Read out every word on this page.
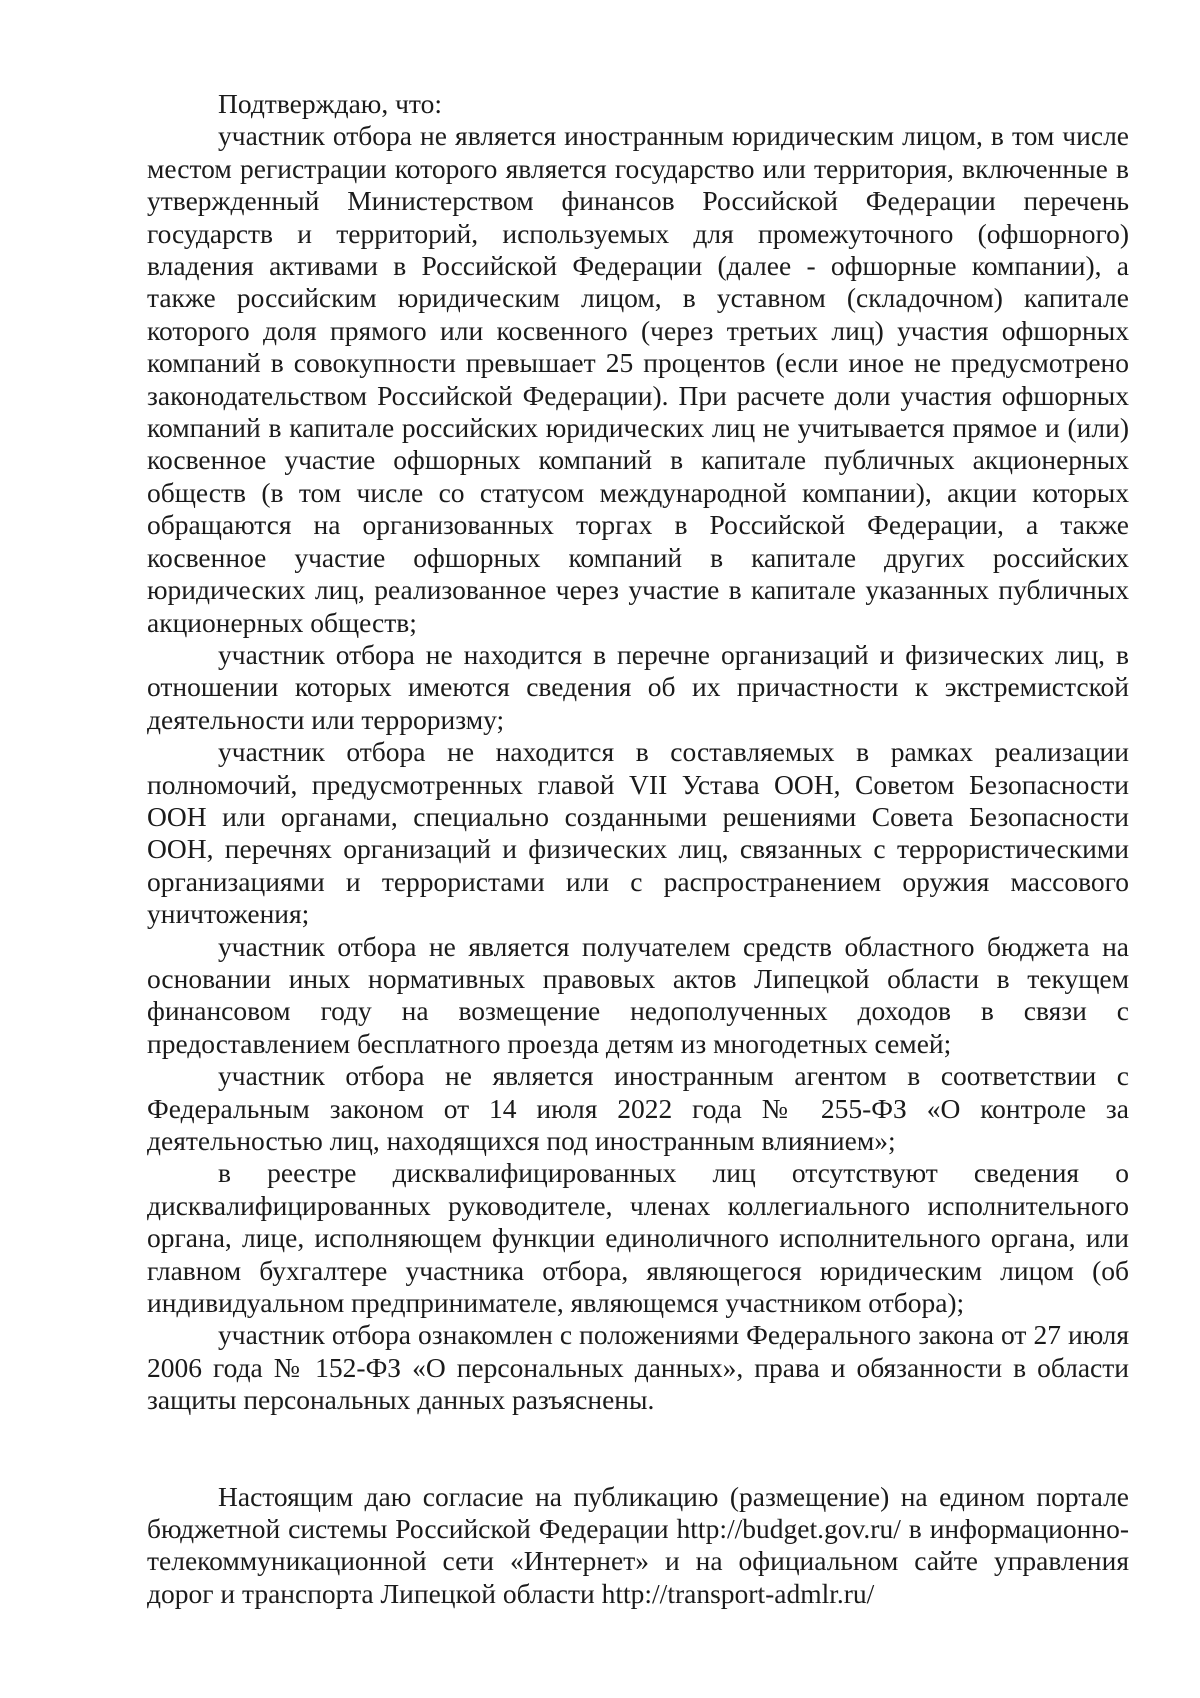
Подтверждаю, что:

участник отбора не является иностранным юридическим лицом, в том числе местом регистрации которого является государство или территория, включенные в утвержденный Министерством финансов Российской Федерации перечень государств и территорий, используемых для промежуточного (офшорного) владения активами в Российской Федерации (далее - офшорные компании), а также российским юридическим лицом, в уставном (складочном) капитале которого доля прямого или косвенного (через третьих лиц) участия офшорных компаний в совокупности превышает 25 процентов (если иное не предусмотрено законодательством Российской Федерации). При расчете доли участия офшорных компаний в капитале российских юридических лиц не учитывается прямое и (или) косвенное участие офшорных компаний в капитале публичных акционерных обществ (в том числе со статусом международной компании), акции которых обращаются на организованных торгах в Российской Федерации, а также косвенное участие офшорных компаний в капитале других российских юридических лиц, реализованное через участие в капитале указанных публичных акционерных обществ;

участник отбора не находится в перечне организаций и физических лиц, в отношении которых имеются сведения об их причастности к экстремистской деятельности или терроризму;

участник отбора не находится в составляемых в рамках реализации полномочий, предусмотренных главой VII Устава ООН, Советом Безопасности ООН или органами, специально созданными решениями Совета Безопасности ООН, перечнях организаций и физических лиц, связанных с террористическими организациями и террористами или с распространением оружия массового уничтожения;

участник отбора не является получателем средств областного бюджета на основании иных нормативных правовых актов Липецкой области в текущем финансовом году на возмещение недополученных доходов в связи с предоставлением бесплатного проезда детям из многодетных семей;

участник отбора не является иностранным агентом в соответствии с Федеральным законом от 14 июля 2022 года № 255-ФЗ «О контроле за деятельностью лиц, находящихся под иностранным влиянием»;

в реестре дисквалифицированных лиц отсутствуют сведения о дисквалифицированных руководителе, членах коллегиального исполнительного органа, лице, исполняющем функции единоличного исполнительного органа, или главном бухгалтере участника отбора, являющегося юридическим лицом (об индивидуальном предпринимателе, являющемся участником отбора);

участник отбора ознакомлен с положениями Федерального закона от 27 июля 2006 года № 152-ФЗ «О персональных данных», права и обязанности в области защиты персональных данных разъяснены.

Настоящим даю согласие на публикацию (размещение) на едином портале бюджетной системы Российской Федерации http://budget.gov.ru/ в информационно-телекоммуникационной сети «Интернет» и на официальном сайте управления дорог и транспорта Липецкой области http://transport-admlr.ru/
